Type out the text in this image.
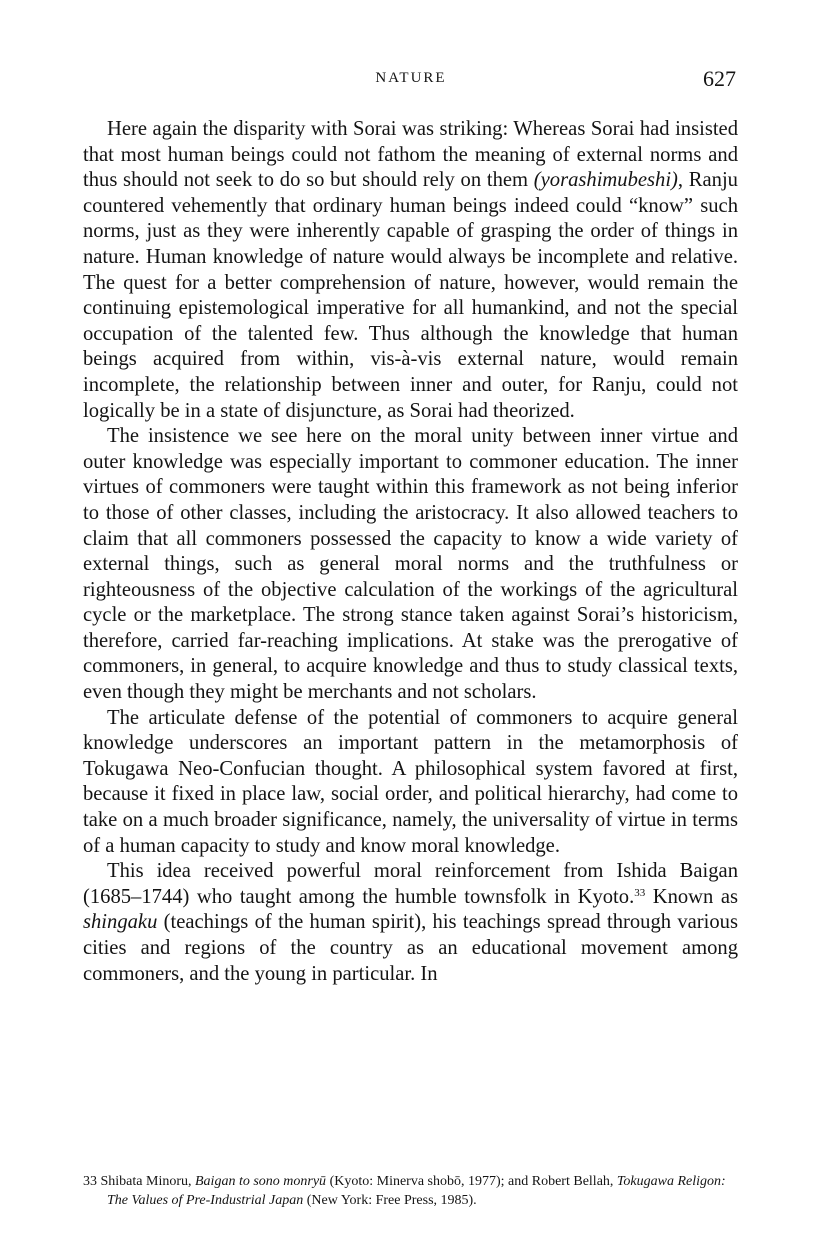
NATURE	627

Here again the disparity with Sorai was striking: Whereas Sorai had insisted that most human beings could not fathom the meaning of external norms and thus should not seek to do so but should rely on them (yorashimubeshi), Ranju countered vehemently that ordinary human beings indeed could “know” such norms, just as they were inherently capable of grasping the order of things in nature. Human knowledge of nature would always be incomplete and relative. The quest for a better comprehension of nature, however, would remain the continuing epistemological imperative for all humankind, and not the special occupation of the talented few. Thus although the knowledge that human beings acquired from within, vis-à-vis external nature, would remain incomplete, the relationship between inner and outer, for Ranju, could not logically be in a state of disjuncture, as Sorai had theorized.

The insistence we see here on the moral unity between inner virtue and outer knowledge was especially important to commoner education. The inner virtues of commoners were taught within this framework as not being inferior to those of other classes, including the aristocracy. It also allowed teachers to claim that all commoners possessed the capacity to know a wide variety of external things, such as general moral norms and the truthfulness or righteousness of the objective calculation of the workings of the agricultural cycle or the marketplace. The strong stance taken against Sorai’s historicism, therefore, carried far-reaching implications. At stake was the prerogative of commoners, in general, to acquire knowledge and thus to study classical texts, even though they might be merchants and not scholars.

The articulate defense of the potential of commoners to acquire general knowledge underscores an important pattern in the metamorphosis of Tokugawa Neo-Confucian thought. A philosophical system favored at first, because it fixed in place law, social order, and political hierarchy, had come to take on a much broader significance, namely, the universality of virtue in terms of a human capacity to study and know moral knowledge.

This idea received powerful moral reinforcement from Ishida Baigan (1685–1744) who taught among the humble townsfolk in Kyoto.$^{33}$ Known as shingaku (teachings of the human spirit), his teachings spread through various cities and regions of the country as an educational movement among commoners, and the young in particular. In

33 Shibata Minoru, Baigan to sono monryū (Kyoto: Minerva shobō, 1977); and Robert Bellah, Tokugawa Religon: The Values of Pre-Industrial Japan (New York: Free Press, 1985).
